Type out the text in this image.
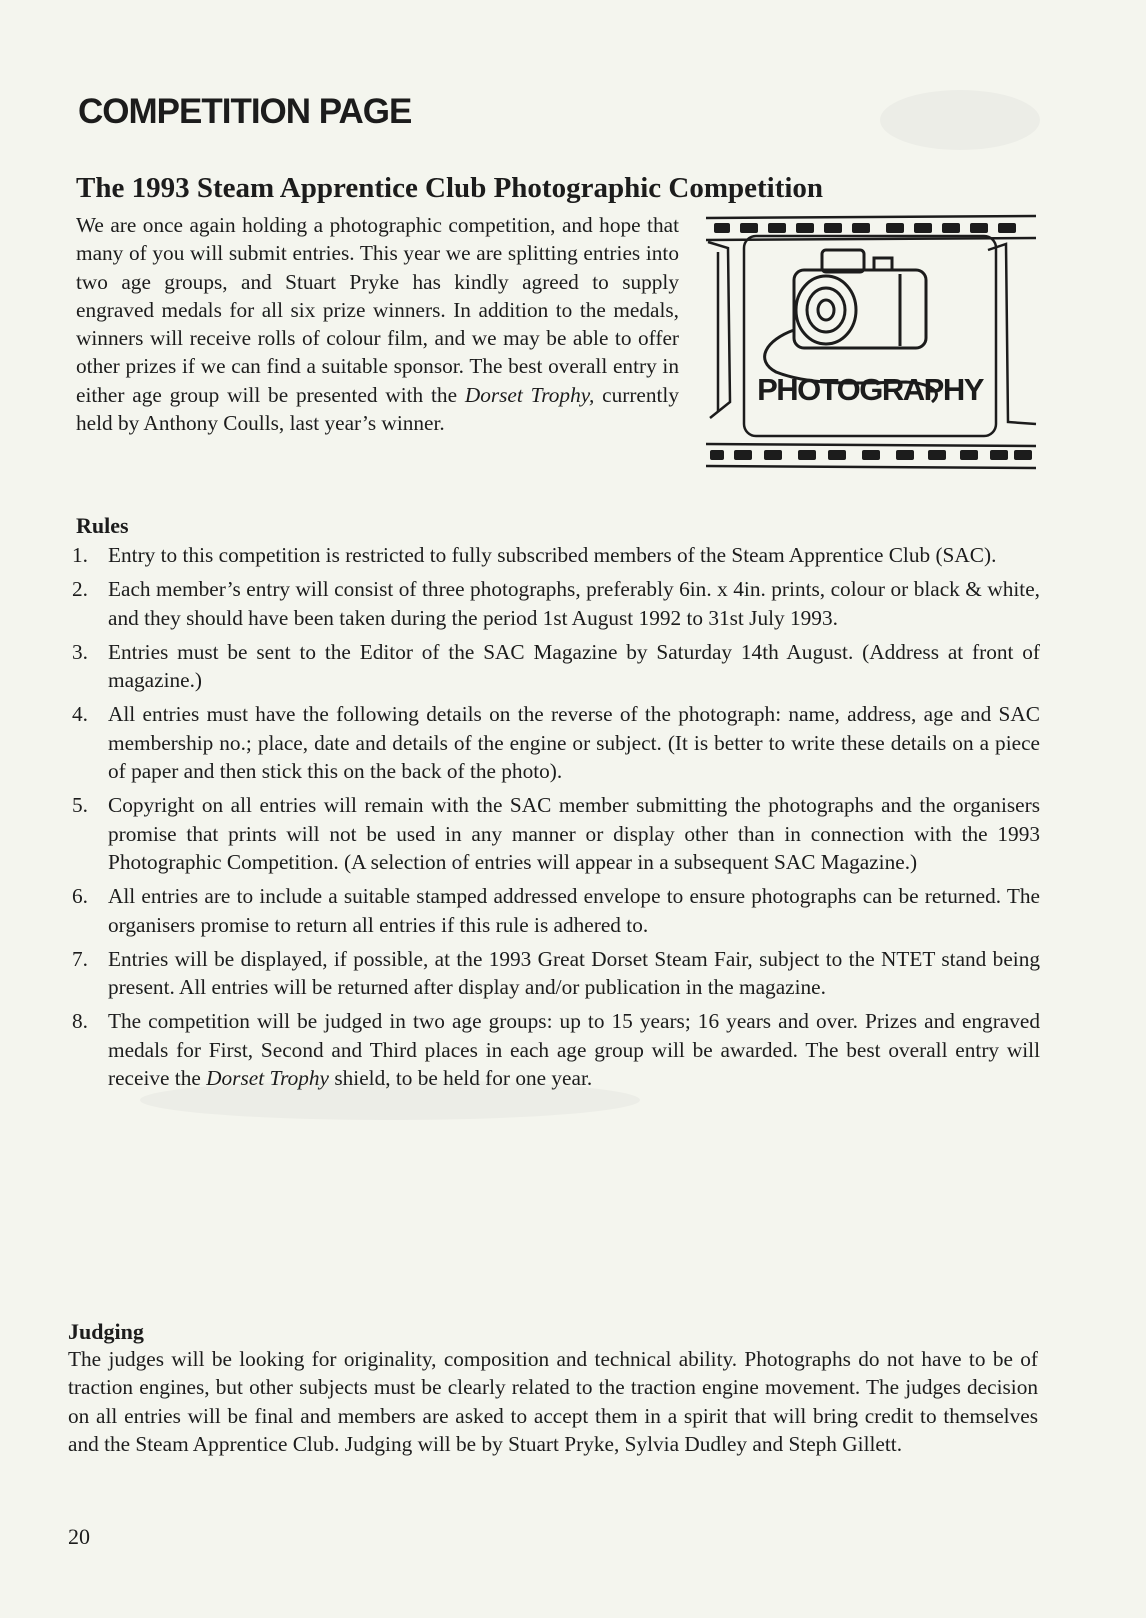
COMPETITION PAGE
The 1993 Steam Apprentice Club Photographic Competition

We are once again holding a photographic competition, and hope that many of you will submit entries. This year we are splitting entries into two age groups, and Stuart Pryke has kindly agreed to supply engraved medals for all six prize winners. In addition to the medals, winners will receive rolls of colour film, and we may be able to offer other prizes if we can find a suitable sponsor. The best overall entry in either age group will be presented with the Dorset Trophy, currently held by Anthony Coulls, last year’s winner.

PHOTOGRAPHY
Rules
1. Entry to this competition is restricted to fully subscribed members of the Steam Apprentice Club (SAC).
2. Each member’s entry will consist of three photographs, preferably 6in. x 4in. prints, colour or black & white, and they should have been taken during the period 1st August 1992 to 31st July 1993.
3. Entries must be sent to the Editor of the SAC Magazine by Saturday 14th August. (Address at front of magazine.)
4. All entries must have the following details on the reverse of the photograph: name, address, age and SAC membership no.; place, date and details of the engine or subject. (It is better to write these details on a piece of paper and then stick this on the back of the photo).
5. Copyright on all entries will remain with the SAC member submitting the photographs and the organisers promise that prints will not be used in any manner or display other than in connection with the 1993 Photographic Competition. (A selection of entries will appear in a subsequent SAC Magazine.)
6. All entries are to include a suitable stamped addressed envelope to ensure photographs can be returned. The organisers promise to return all entries if this rule is adhered to.
7. Entries will be displayed, if possible, at the 1993 Great Dorset Steam Fair, subject to the NTET stand being present. All entries will be returned after display and/or publication in the magazine.
8. The competition will be judged in two age groups: up to 15 years; 16 years and over. Prizes and engraved medals for First, Second and Third places in each age group will be awarded. The best overall entry will receive the Dorset Trophy shield, to be held for one year.
Judging

The judges will be looking for originality, composition and technical ability. Photographs do not have to be of traction engines, but other subjects must be clearly related to the traction engine movement. The judges decision on all entries will be final and members are asked to accept them in a spirit that will bring credit to themselves and the Steam Apprentice Club. Judging will be by Stuart Pryke, Sylvia Dudley and Steph Gillett.

20
